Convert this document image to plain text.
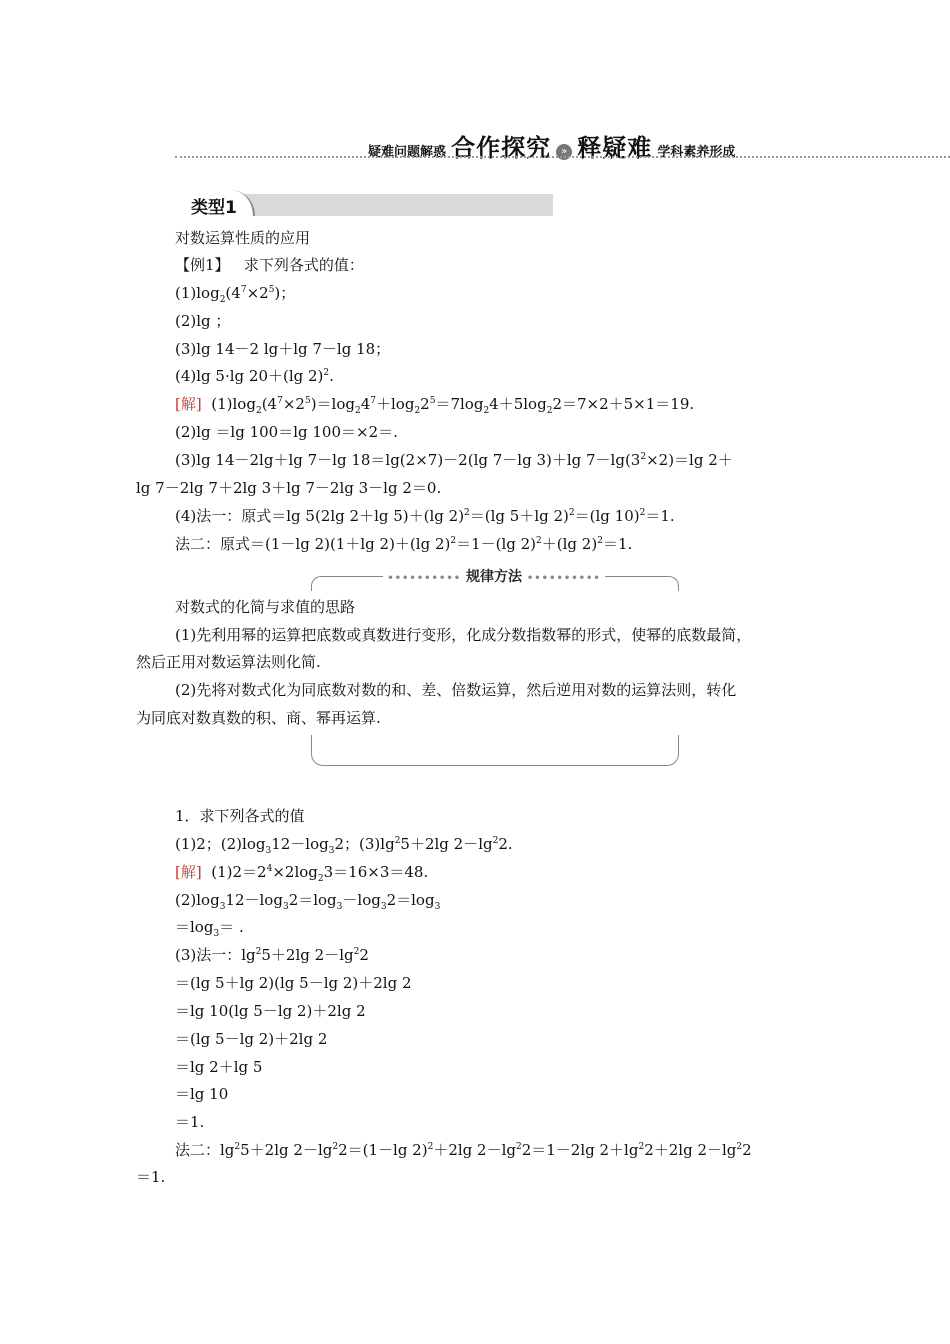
疑难问题解惑 合作探究 » 释疑难 学科素养形成
类型1
对数运算性质的应用
【例1】 求下列各式的值：
$(1)\log_2(4^7\times 2^5)$；
(2)lg ；
(3)lg 14－2 lg＋lg 7－lg 18；
(4)lg 5·lg 20＋(lg 2)$^2$.
[解] $(1)\log_2(4^7\times 2^5)=\log_24^7+\log_22^5=7\log_24+5\log_22=7\times 2+5\times 1=19$.
(2)lg ＝lg 100＝lg 100＝×2＝.
(3)lg 14－2lg＋lg 7－lg 18＝lg(2×7)－2(lg 7－lg 3)＋lg $7-\lg(3^2\times 2)=\lg$ 2＋
lg 7－2lg 7＋2lg 3＋lg 7－2lg 3－lg 2＝0.
(4)法一：原式＝lg 5(2lg 2＋lg 5)＋(lg 2)$^2$＝(lg 5＋lg 2)$^2$＝(lg 10)$^2$＝1.
法二：原式＝(1－lg 2)(1＋lg 2)＋(lg 2)$^2$＝1－(lg 2)$^2$＋(lg 2)$^2$＝1.
•••••••••• 规律方法 ••••••••••
对数式的化简与求值的思路
(1)先利用幂的运算把底数或真数进行变形，化成分数指数幂的形式，使幂的底数最简，
然后正用对数运算法则化简.
(2)先将对数式化为同底数对数的和、差、倍数运算，然后逆用对数的运算法则，转化
为同底对数真数的积、商、幂再运算.
1．求下列各式的值
(1)2；$(2)\log_312-\log_32$；$(3)\lg^25+2\lg$ $2-\lg^22$.
[解] $(1)2=2^4\times 2\log_23=16\times 3=48$.
$(2)\log_312-\log_32=\log_3-\log_32=\log_3$
$=\log_3=$ .
(3)法一：$\lg^25+2\lg$ $2-\lg^22$
＝(lg 5＋lg 2)(lg 5－lg 2)＋2lg 2
＝lg 10(lg 5－lg 2)＋2lg 2
＝(lg 5－lg 2)＋2lg 2
＝lg 2＋lg 5
＝lg 10
＝1.
法二：$\lg^25+2\lg$ $2-\lg^22=(1-\lg$ 2)$^2$＋2lg $2-\lg^22=1-2\lg$ $2+\lg^22+2\lg$ $2-\lg^22$
＝1.
